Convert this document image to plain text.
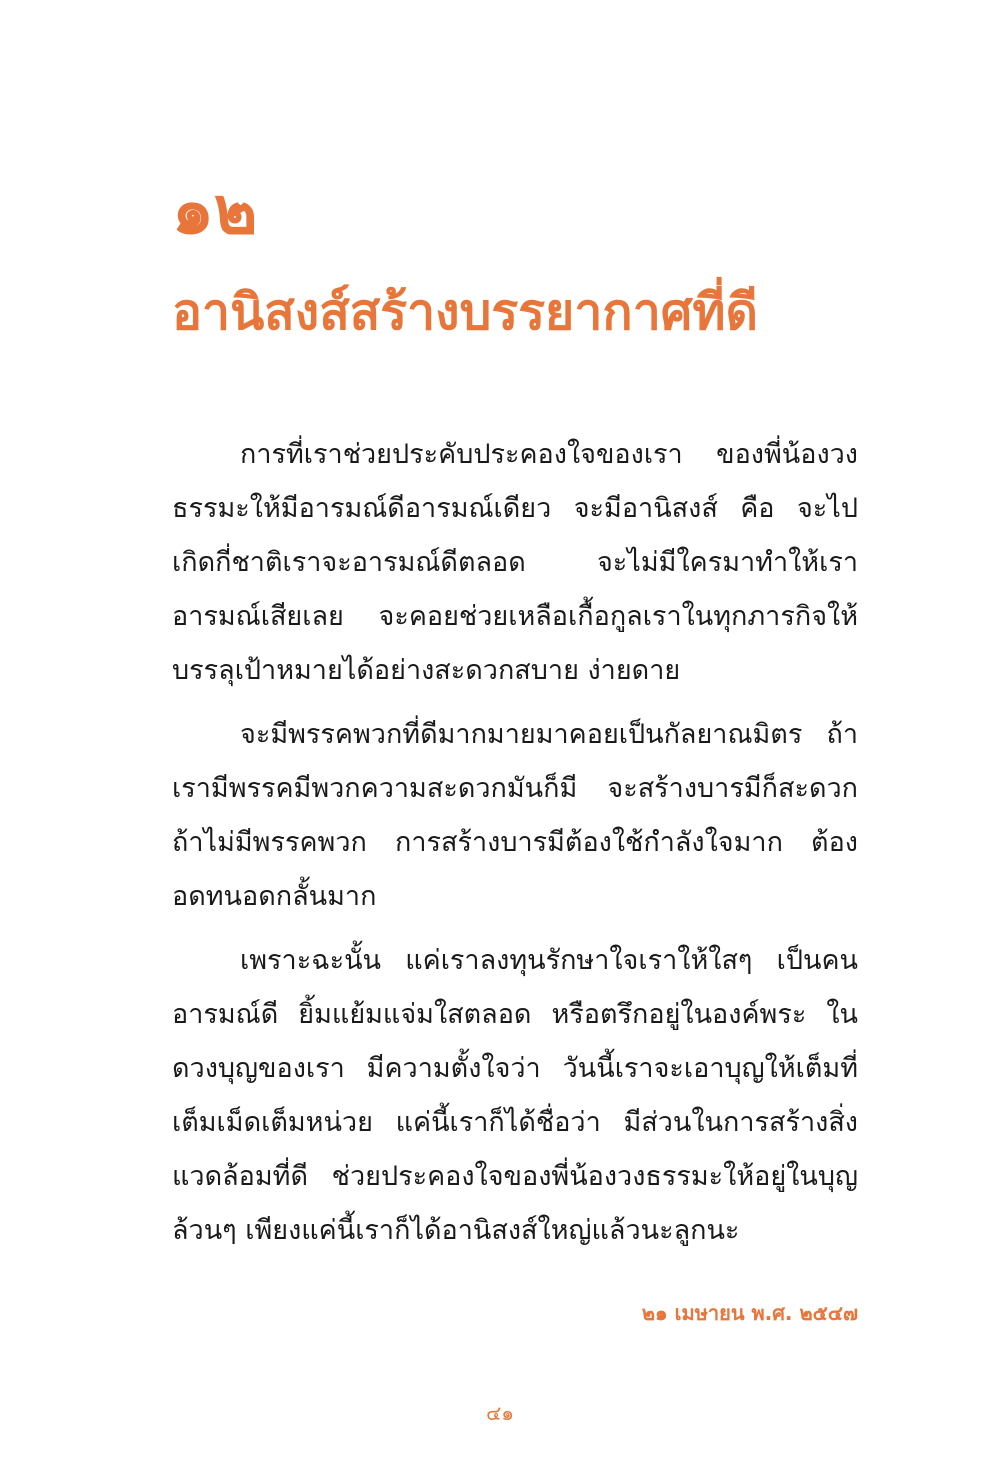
๑๒
อานิสงส์สร้างบรรยากาศที่ดี

การที่เราช่วยประคับประคองใจของเรา ของพี่น้องวงธรรมะให้มีอารมณ์ดีอารมณ์เดียว จะมีอานิสงส์ คือ จะไปเกิดกี่ชาติเราจะอารมณ์ดีตลอด จะไม่มีใครมาทำให้เราอารมณ์เสียเลย จะคอยช่วยเหลือเกื้อกูลเราในทุกภารกิจให้บรรลุเป้าหมายได้อย่างสะดวกสบาย ง่ายดาย

จะมีพรรคพวกที่ดีมากมายมาคอยเป็นกัลยาณมิตร ถ้าเรามีพรรคมีพวกความสะดวกมันก็มี จะสร้างบารมีก็สะดวก ถ้าไม่มีพรรคพวก การสร้างบารมีต้องใช้กำลังใจมาก ต้องอดทนอดกลั้นมาก

เพราะฉะนั้น แค่เราลงทุนรักษาใจเราให้ใสๆ เป็นคนอารมณ์ดี ยิ้มแย้มแจ่มใสตลอด หรือตรึกอยู่ในองค์พระ ในดวงบุญของเรา มีความตั้งใจว่า วันนี้เราจะเอาบุญให้เต็มที่เต็มเม็ดเต็มหน่วย แค่นี้เราก็ได้ชื่อว่า มีส่วนในการสร้างสิ่งแวดล้อมที่ดี ช่วยประคองใจของพี่น้องวงธรรมะให้อยู่ในบุญล้วนๆ เพียงแค่นี้เราก็ได้อานิสงส์ใหญ่แล้วนะลูกนะ

๒๑ เมษายน พ.ศ. ๒๕๔๗
๔๑
